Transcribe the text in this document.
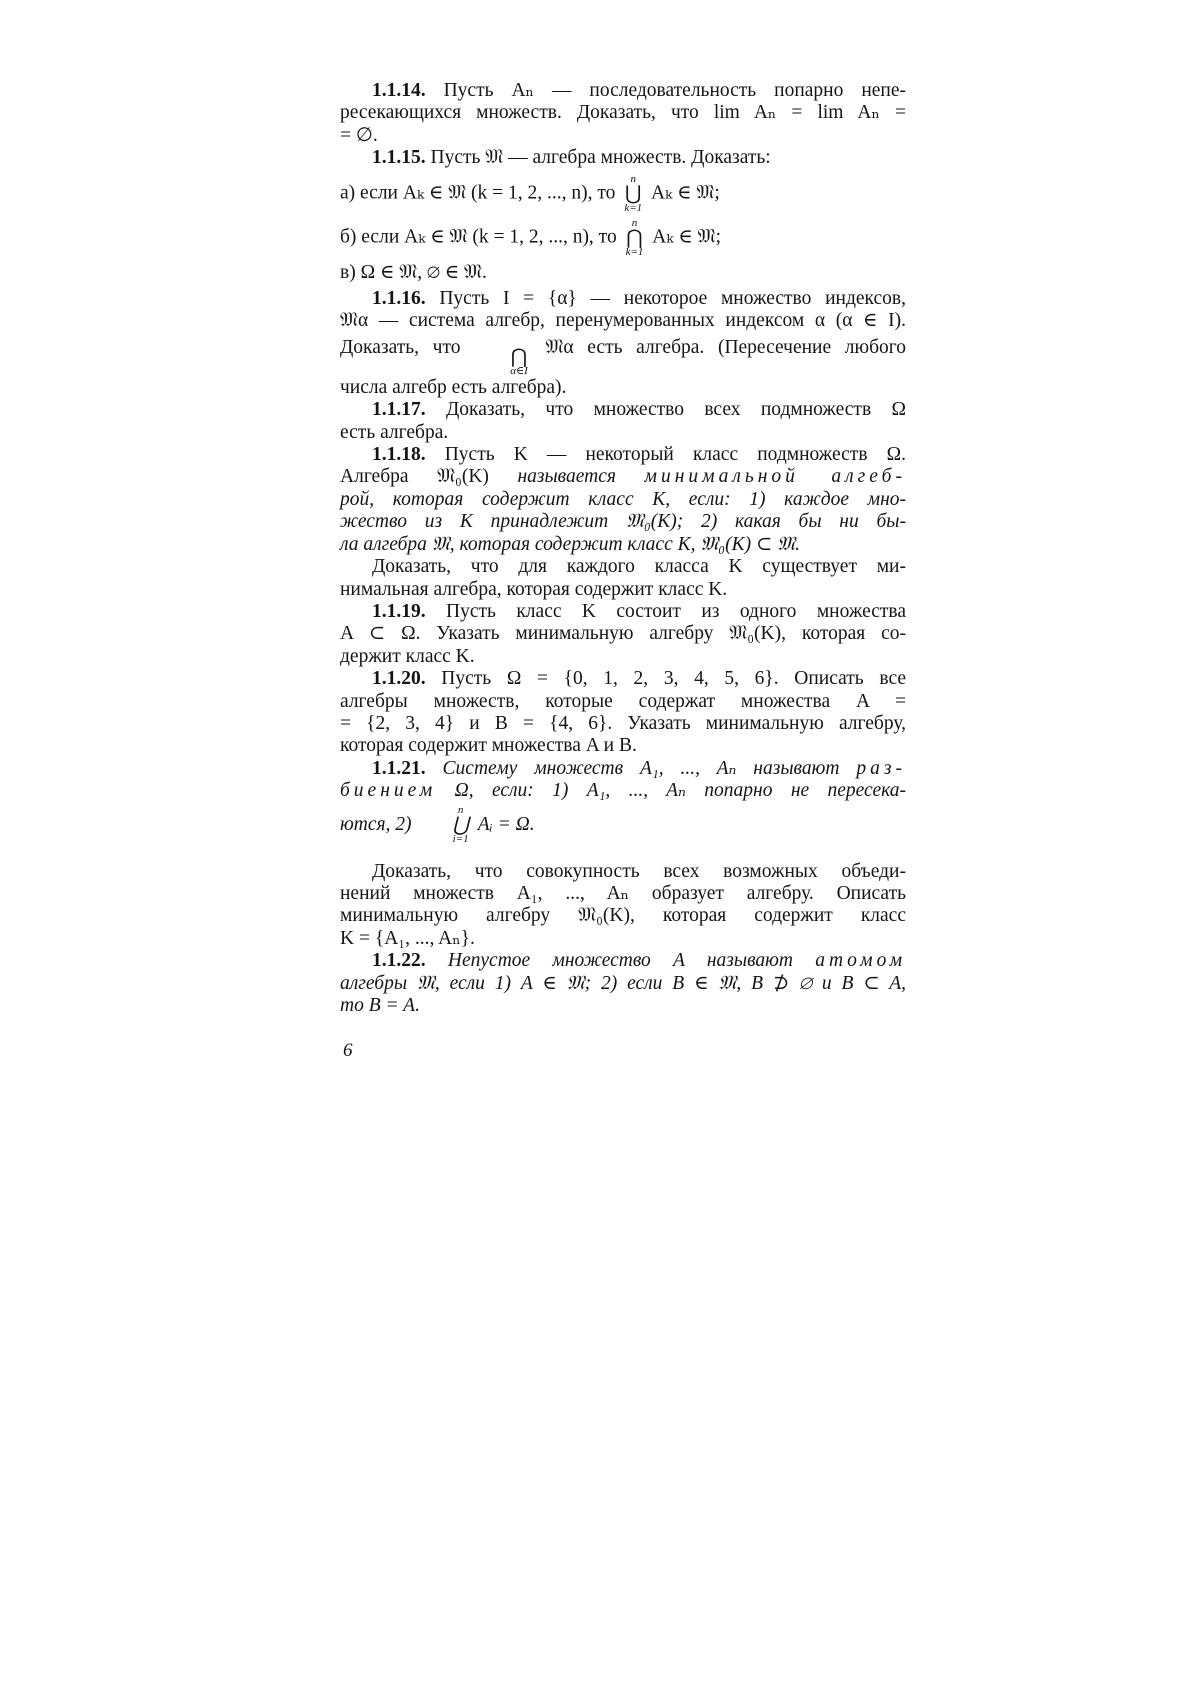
1.1.14. Пусть Aₙ — последовательность попарно непе-
ресекающихся множеств. Доказать, что lim Aₙ = lim Aₙ =
= ∅.
1.1.15. Пусть 𝔐 — алгебра множеств. Доказать:
а) если Aₖ ∈ 𝔐 (k = 1, 2, ..., n), то
n
⋃
k=1
Aₖ ∈ 𝔐;
б) если Aₖ ∈ 𝔐 (k = 1, 2, ..., n), то
n
⋂
k=1
Aₖ ∈ 𝔐;
в) Ω ∈ 𝔐, ∅ ∈ 𝔐.
1.1.16. Пусть I = {α} — некоторое множество индексов,
𝔐α — система алгебр, перенумерованных индексом α (α ∈ I).
Доказать, что	⋂
α∈I
𝔐α есть алгебра. (Пересечение любого
числа алгебр есть алгебра).
1.1.17. Доказать, что множество всех подмножеств Ω
есть алгебра.
1.1.18. Пусть K — некоторый класс подмножеств Ω.
Алгебра 𝔐₀(K) называется минимальной алгеб-
рой, которая содержит класс K, если: 1) каждое мно-
жество из K принадлежит 𝔐₀(K); 2) какая бы ни бы-
ла алгебра 𝔐, которая содержит класс K, 𝔐₀(K) ⊂ 𝔐.
Доказать, что для каждого класса K существует ми-
нимальная алгебра, которая содержит класс K.
1.1.19. Пусть класс K состоит из одного множества
A ⊂ Ω. Указать минимальную алгебру 𝔐₀(K), которая со-
держит класс K.
1.1.20. Пусть Ω = {0, 1, 2, 3, 4, 5, 6}. Описать все
алгебры множеств, которые содержат множества A =
= {2, 3, 4} и B = {4, 6}. Указать минимальную алгебру,
которая содержит множества A и B.
1.1.21. Систему множеств A₁, ..., Aₙ называют раз-
биением Ω, если: 1) A₁, ..., Aₙ попарно не пересека-
ются, 2)
n
⋃
i=1
Aᵢ = Ω.
Доказать, что совокупность всех возможных объеди-
нений множеств A₁, ..., Aₙ образует алгебру. Описать
минимальную алгебру 𝔐₀(K), которая содержит класс
K = {A₁, ..., Aₙ}.
1.1.22. Непустое множество A называют атомом
алгебры 𝔐, если 1) A ∈ 𝔐; 2) если B ∈ 𝔐, B ⊅ ∅ и B ⊂ A,
то B = A.
6
